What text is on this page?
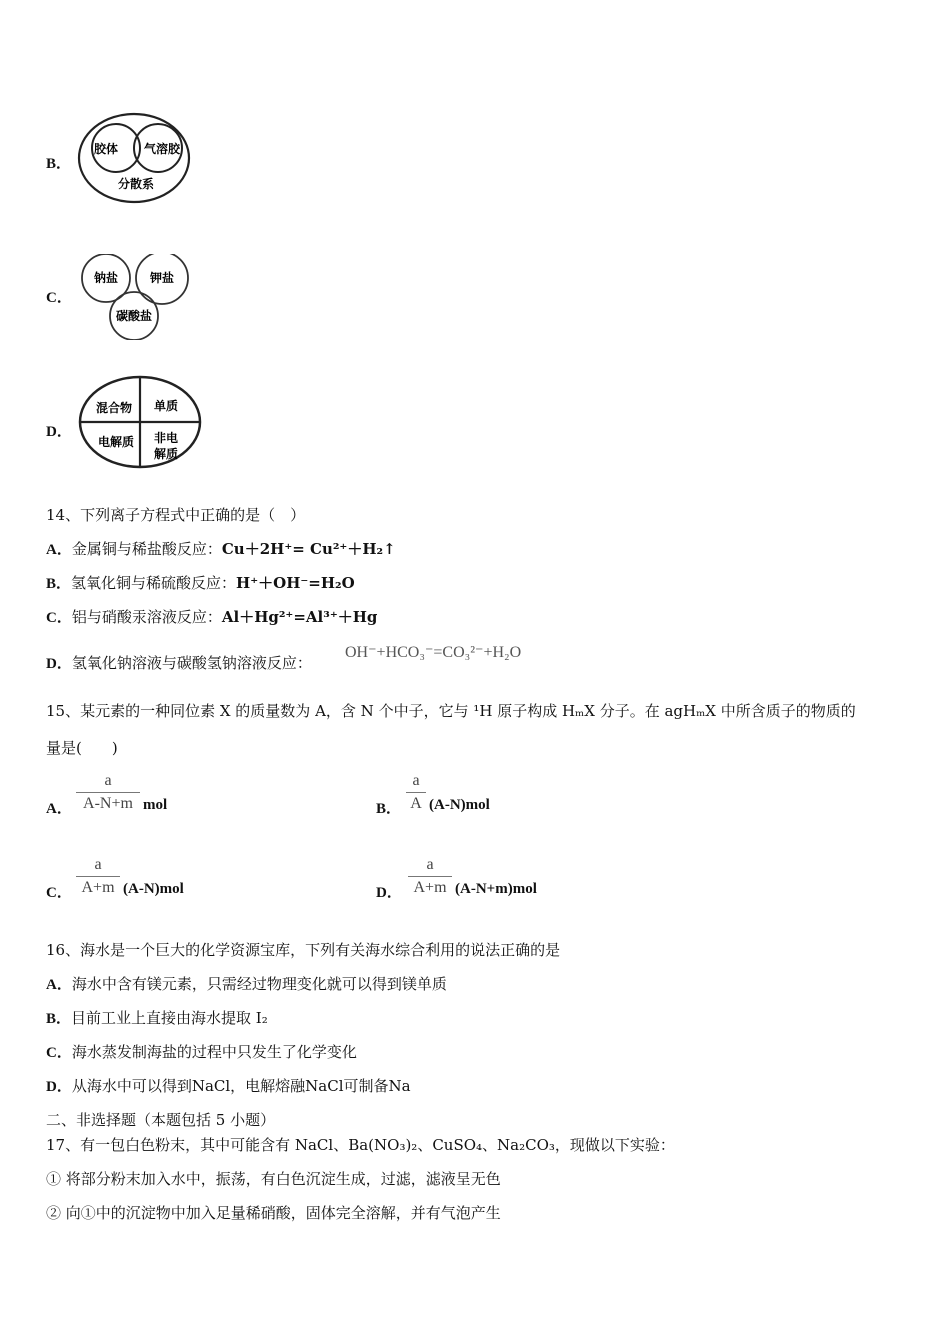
B．
胶体 气溶胶
分散系
C．
钠盐	钾盐
碳酸盐
D．
混合物 单质
电解质 非电
解质
14、下列离子方程式中正确的是（　）
A．金属铜与稀盐酸反应：Cu＋2H⁺= Cu²⁺＋H₂↑
B．氢氧化铜与稀硫酸反应：H⁺＋OH⁻=H₂O
C．铝与硝酸汞溶液反应：Al＋Hg²⁺=Al³⁺＋Hg
D．氢氧化钠溶液与碳酸氢钠溶液反应：
OH⁻+HCO₃⁻=CO₃²⁻+H₂O
15、某元素的一种同位素 X 的质量数为 A，含 N 个中子，它与 ¹H 原子构成 HₘX 分子。在 agHₘX 中所含质子的物质的
量是(　　)
A．
a
A-N+m mol	B．
a
A (A-N)mol
C．
a
A+m (A-N)mol	D．
a
A+m (A-N+m)mol
16、海水是一个巨大的化学资源宝库，下列有关海水综合利用的说法正确的是
A．海水中含有镁元素，只需经过物理变化就可以得到镁单质
B．目前工业上直接由海水提取 I₂
C．海水蒸发制海盐的过程中只发生了化学变化
D．从海水中可以得到NaCl，电解熔融NaCl可制备Na
二、非选择题（本题包括 5 小题）
17、有一包白色粉末，其中可能含有 NaCl、Ba(NO₃)₂、CuSO₄、Na₂CO₃，现做以下实验：
① 将部分粉末加入水中，振荡，有白色沉淀生成，过滤，滤液呈无色
② 向①中的沉淀物中加入足量稀硝酸，固体完全溶解，并有气泡产生
